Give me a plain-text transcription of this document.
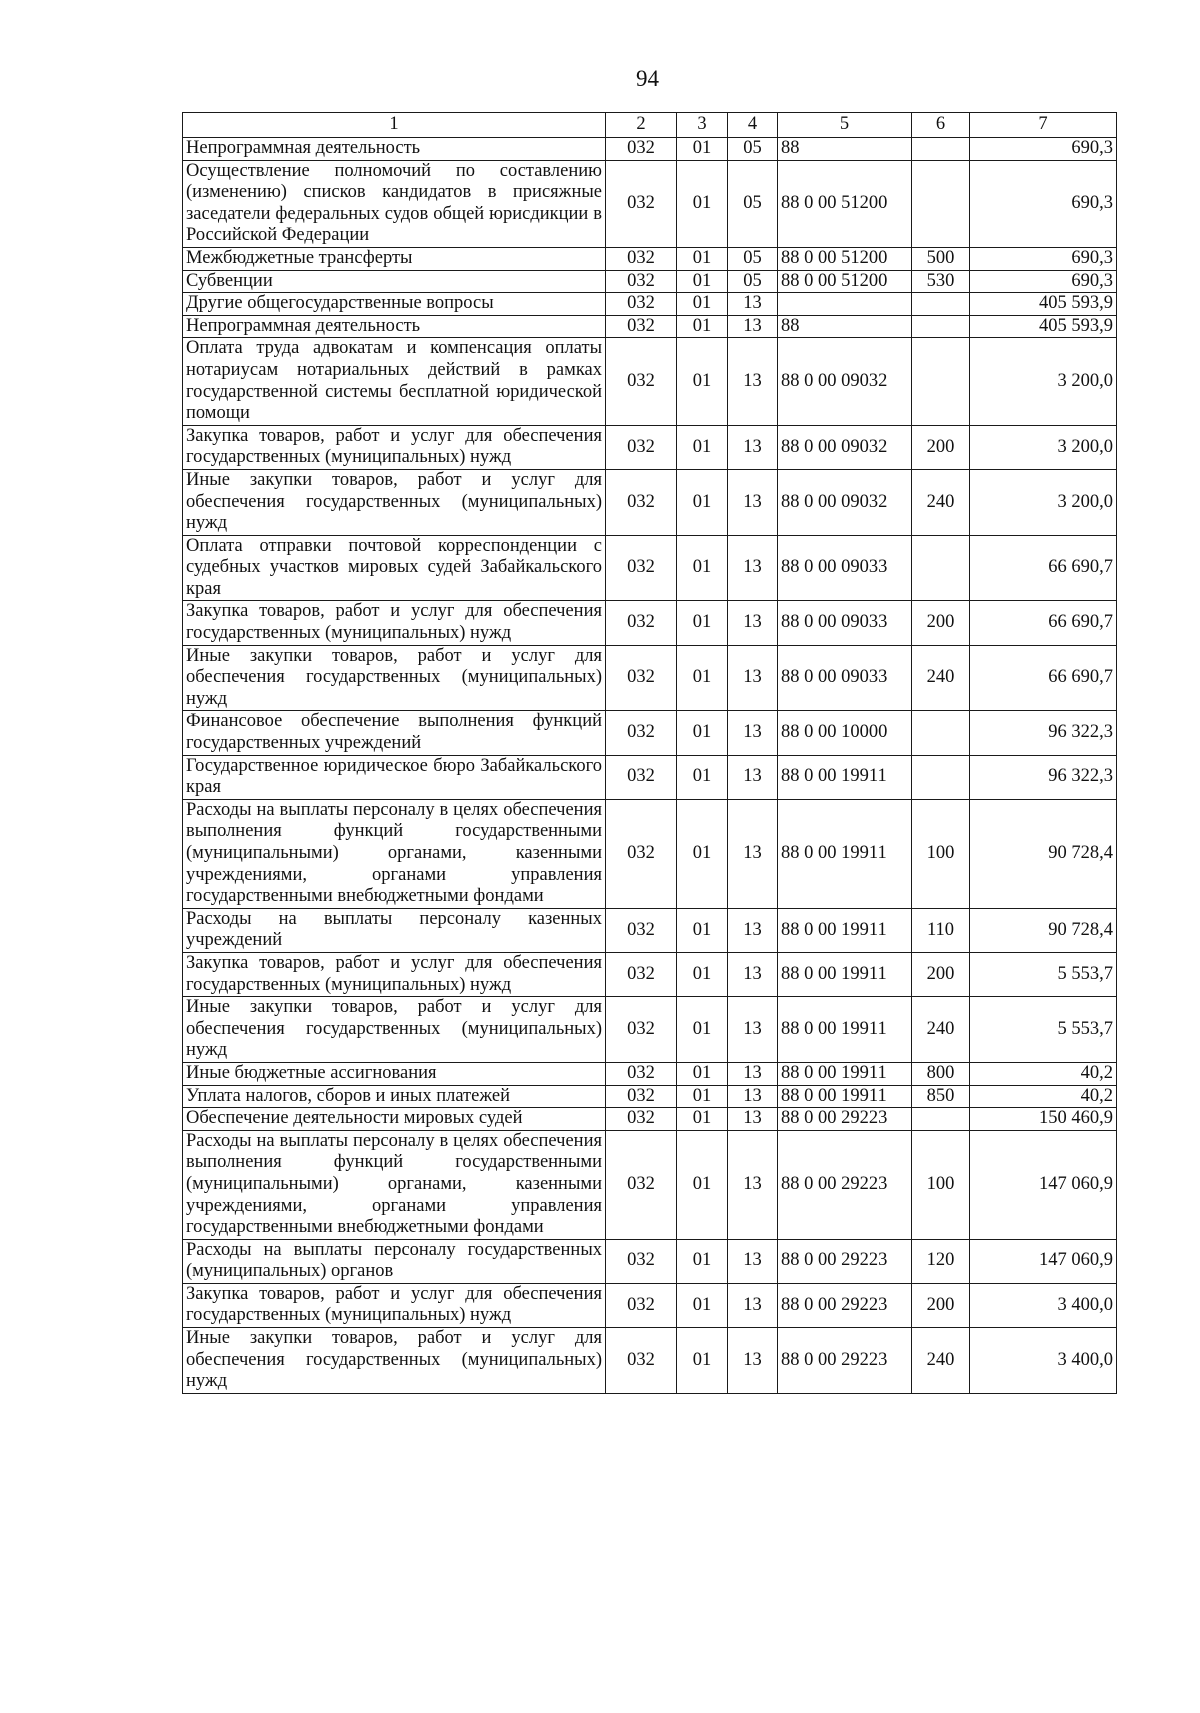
94
1	2	3	4	5	6	7
Непрограммная деятельность	032	01	05	88		690,3
Осуществление полномочий по составлению (изменению) списков кандидатов в присяжные заседатели федеральных судов общей юрисдикции в Российской Федерации	032	01	05	88 0 00 51200		690,3
Межбюджетные трансферты	032	01	05	88 0 00 51200	500	690,3
Субвенции	032	01	05	88 0 00 51200	530	690,3
Другие общегосударственные вопросы	032	01	13			405 593,9
Непрограммная деятельность	032	01	13	88		405 593,9
Оплата труда адвокатам и компенсация оплаты нотариусам нотариальных действий в рамках государственной системы бесплатной юридической помощи	032	01	13	88 0 00 09032		3 200,0
Закупка товаров, работ и услуг для обеспечения государственных (муниципальных) нужд	032	01	13	88 0 00 09032	200	3 200,0
Иные закупки товаров, работ и услуг для обеспечения государственных (муниципальных) нужд	032	01	13	88 0 00 09032	240	3 200,0
Оплата отправки почтовой корреспонденции с судебных участков мировых судей Забайкальского края	032	01	13	88 0 00 09033		66 690,7
Закупка товаров, работ и услуг для обеспечения государственных (муниципальных) нужд	032	01	13	88 0 00 09033	200	66 690,7
Иные закупки товаров, работ и услуг для обеспечения государственных (муниципальных) нужд	032	01	13	88 0 00 09033	240	66 690,7
Финансовое обеспечение выполнения функций государственных учреждений	032	01	13	88 0 00 10000		96 322,3
Государственное юридическое бюро Забайкальского края	032	01	13	88 0 00 19911		96 322,3
Расходы на выплаты персоналу в целях обеспечения выполнения функций государственными (муниципальными) органами, казенными учреждениями, органами управления государственными внебюджетными фондами	032	01	13	88 0 00 19911	100	90 728,4
Расходы на выплаты персоналу казенных учреждений	032	01	13	88 0 00 19911	110	90 728,4
Закупка товаров, работ и услуг для обеспечения государственных (муниципальных) нужд	032	01	13	88 0 00 19911	200	5 553,7
Иные закупки товаров, работ и услуг для обеспечения государственных (муниципальных) нужд	032	01	13	88 0 00 19911	240	5 553,7
Иные бюджетные ассигнования	032	01	13	88 0 00 19911	800	40,2
Уплата налогов, сборов и иных платежей	032	01	13	88 0 00 19911	850	40,2
Обеспечение деятельности мировых судей	032	01	13	88 0 00 29223		150 460,9
Расходы на выплаты персоналу в целях обеспечения выполнения функций государственными (муниципальными) органами, казенными учреждениями, органами управления государственными внебюджетными фондами	032	01	13	88 0 00 29223	100	147 060,9
Расходы на выплаты персоналу государственных (муниципальных) органов	032	01	13	88 0 00 29223	120	147 060,9
Закупка товаров, работ и услуг для обеспечения государственных (муниципальных) нужд	032	01	13	88 0 00 29223	200	3 400,0
Иные закупки товаров, работ и услуг для обеспечения государственных (муниципальных) нужд	032	01	13	88 0 00 29223	240	3 400,0
